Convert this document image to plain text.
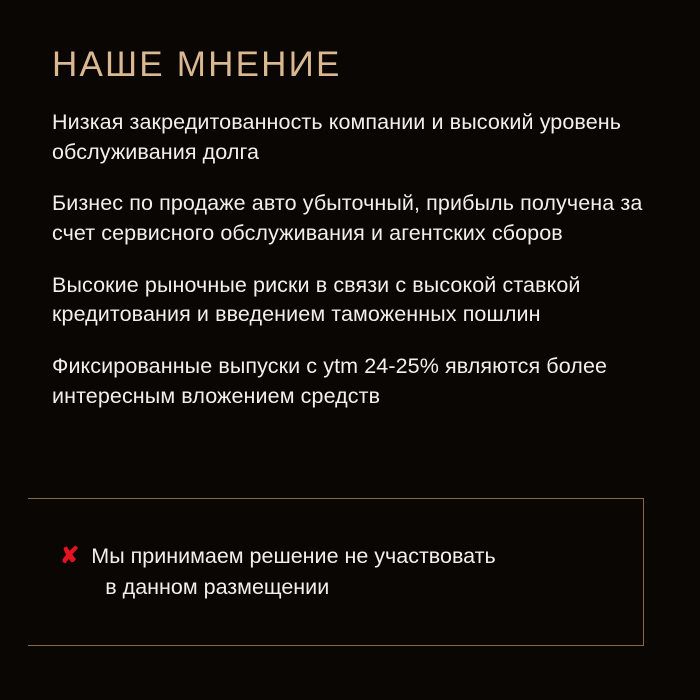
НАШЕ МНЕНИЕ
Низкая закредитованность компании и высокий уровень обслуживания долга
Бизнес по продаже авто убыточный, прибыль получена за счет сервисного обслуживания и агентских сборов
Высокие рыночные риски в связи с высокой ставкой кредитования и введением таможенных пошлин
Фиксированные выпуски с ytm 24-25% являются более интересным вложением средств
✘ Мы принимаем решение не участвовать
в данном размещении
